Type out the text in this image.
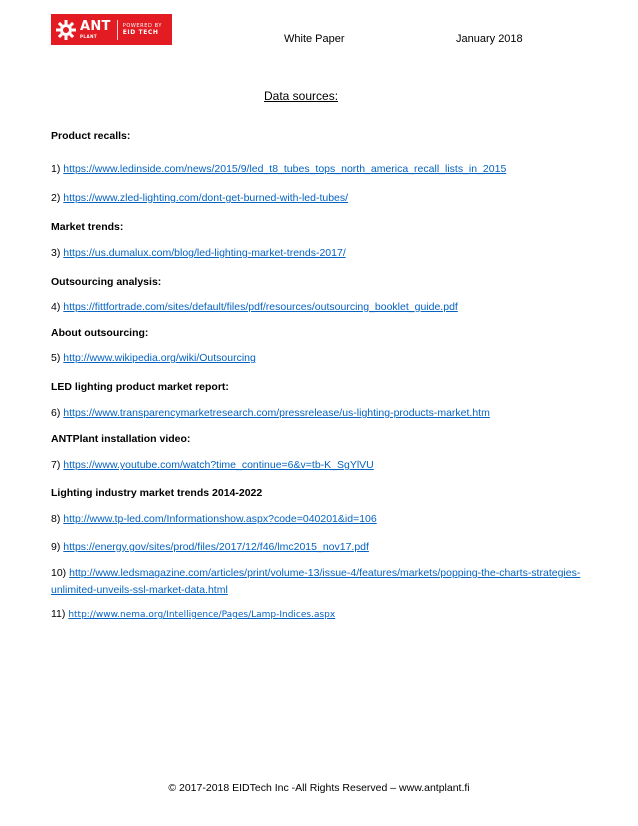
ANT
PLANT
POWERED BY
EID TECH
White Paper	January 2018
Data sources:
Product recalls:
1) https://www.ledinside.com/news/2015/9/led_t8_tubes_tops_north_america_recall_lists_in_2015
2) https://www.zled-lighting.com/dont-get-burned-with-led-tubes/
Market trends:
3) https://us.dumalux.com/blog/led-lighting-market-trends-2017/
Outsourcing analysis:
4) https://fittfortrade.com/sites/default/files/pdf/resources/outsourcing_booklet_guide.pdf
About outsourcing:
5) http://www.wikipedia.org/wiki/Outsourcing
LED lighting product market report:
6) https://www.transparencymarketresearch.com/pressrelease/us-lighting-products-market.htm
ANTPlant installation video:
7) https://www.youtube.com/watch?time_continue=6&v=tb-K_SgYlVU
Lighting industry market trends 2014-2022
8) http://www.tp-led.com/Informationshow.aspx?code=040201&id=106
9) https://energy.gov/sites/prod/files/2017/12/f46/lmc2015_nov17.pdf
10) http://www.ledsmagazine.com/articles/print/volume-13/issue-4/features/markets/popping-the-charts-strategies-unlimited-unveils-ssl-market-data.html
11) http://www.nema.org/Intelligence/Pages/Lamp-Indices.aspx
© 2017-2018 EIDTech Inc -All Rights Reserved – www.antplant.fi
